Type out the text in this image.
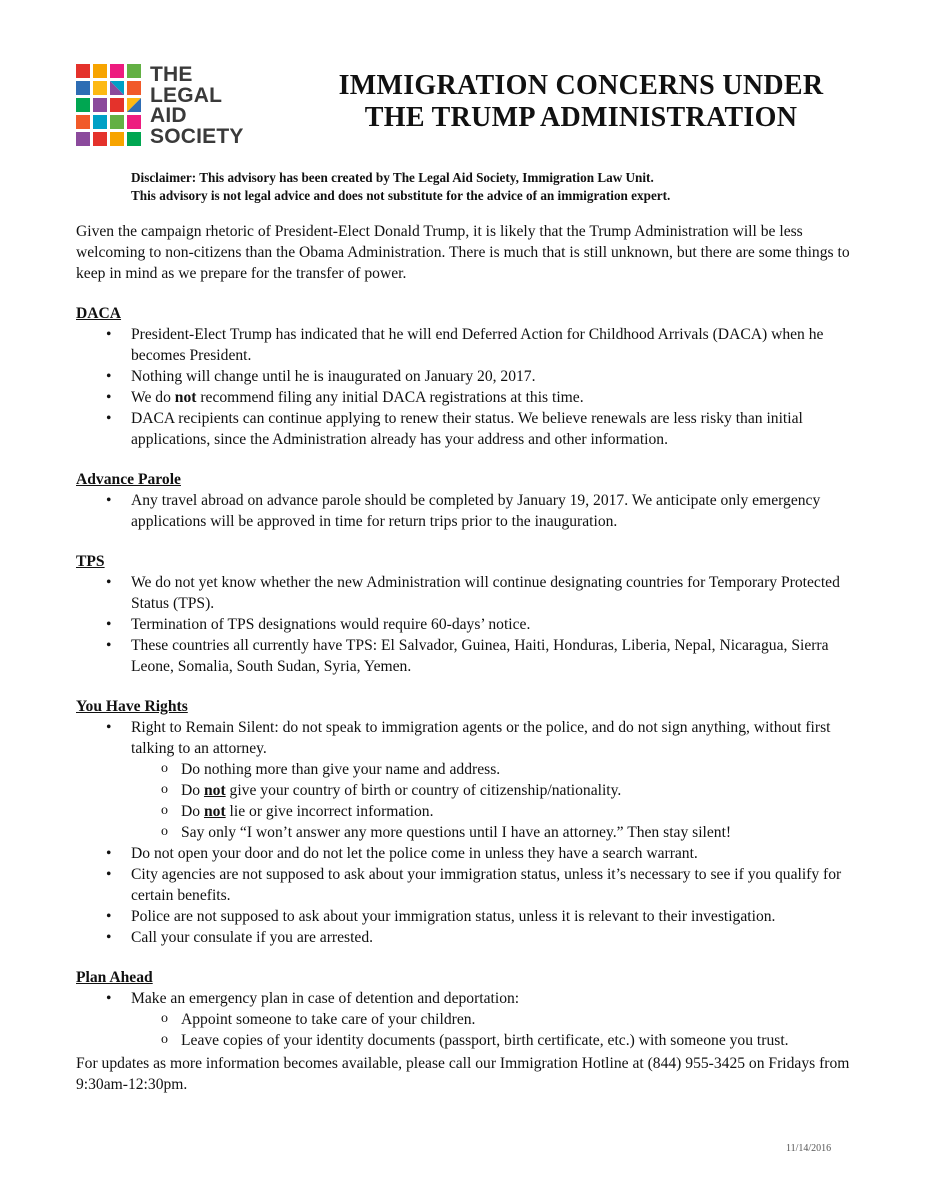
THE
LEGAL
AID
SOCIETY
IMMIGRATION CONCERNS UNDER
THE TRUMP ADMINISTRATION
Disclaimer: This advisory has been created by The Legal Aid Society, Immigration Law Unit.
This advisory is not legal advice and does not substitute for the advice of an immigration expert.

Given the campaign rhetoric of President-Elect Donald Trump, it is likely that the Trump Administration will be less welcoming to non-citizens than the Obama Administration. There is much that is still unknown, but there are some things to keep in mind as we prepare for the transfer of power.

DACA

• President-Elect Trump has indicated that he will end Deferred Action for Childhood Arrivals (DACA) when he becomes President.
• Nothing will change until he is inaugurated on January 20, 2017.
• We do not recommend filing any initial DACA registrations at this time.
• DACA recipients can continue applying to renew their status. We believe renewals are less risky than initial applications, since the Administration already has your address and other information.

Advance Parole

• Any travel abroad on advance parole should be completed by January 19, 2017. We anticipate only emergency applications will be approved in time for return trips prior to the inauguration.

TPS

• We do not yet know whether the new Administration will continue designating countries for Temporary Protected Status (TPS).
• Termination of TPS designations would require 60-days’ notice.
• These countries all currently have TPS: El Salvador, Guinea, Haiti, Honduras, Liberia, Nepal, Nicaragua, Sierra Leone, Somalia, South Sudan, Syria, Yemen.

You Have Rights

• Right to Remain Silent: do not speak to immigration agents or the police, and do not sign anything, without first talking to an attorney.
o Do nothing more than give your name and address.
o Do not give your country of birth or country of citizenship/nationality.
o Do not lie or give incorrect information.
o Say only “I won’t answer any more questions until I have an attorney.” Then stay silent!
• Do not open your door and do not let the police come in unless they have a search warrant.
• City agencies are not supposed to ask about your immigration status, unless it’s necessary to see if you qualify for certain benefits.
• Police are not supposed to ask about your immigration status, unless it is relevant to their investigation.
• Call your consulate if you are arrested.

Plan Ahead

• Make an emergency plan in case of detention and deportation:
o Appoint someone to take care of your children.
o Leave copies of your identity documents (passport, birth certificate, etc.) with someone you trust.

For updates as more information becomes available, please call our Immigration Hotline at (844) 955-3425 on Fridays from 9:30am-12:30pm.

11/14/2016
